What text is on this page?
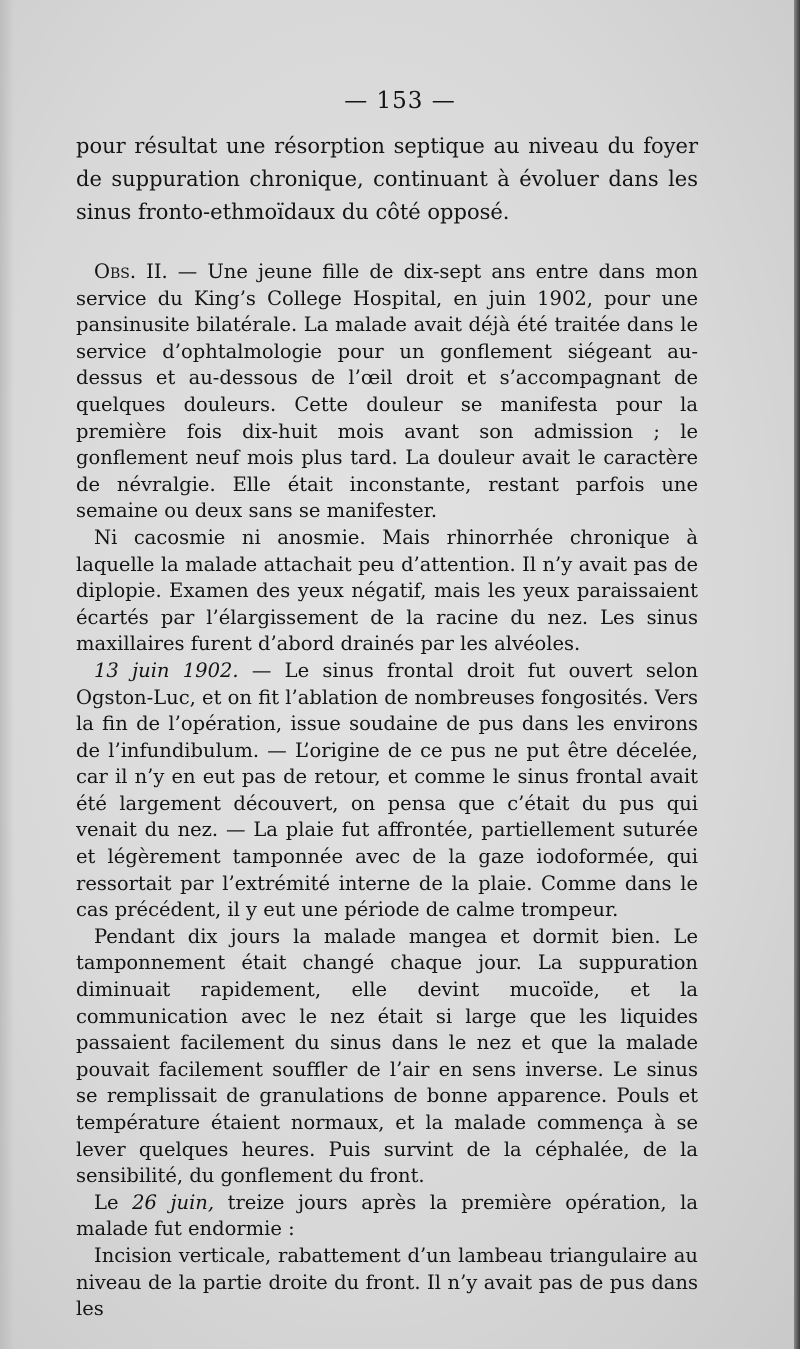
— 153 —

pour résultat une résorption septique au niveau du foyer de suppuration chronique, continuant à évoluer dans les sinus fronto-ethmoïdaux du côté opposé.

Obs. II. — Une jeune fille de dix-sept ans entre dans mon service du King’s College Hospital, en juin 1902, pour une pansinusite bilatérale. La malade avait déjà été traitée dans le service d’ophtalmologie pour un gonflement siégeant au-dessus et au-dessous de l’œil droit et s’accompagnant de quelques douleurs. Cette douleur se manifesta pour la première fois dix-huit mois avant son admission ; le gonflement neuf mois plus tard. La douleur avait le caractère de névralgie. Elle était inconstante, restant parfois une semaine ou deux sans se manifester.

Ni cacosmie ni anosmie. Mais rhinorrhée chronique à laquelle la malade attachait peu d’attention. Il n’y avait pas de diplopie. Examen des yeux négatif, mais les yeux paraissaient écartés par l’élargissement de la racine du nez. Les sinus maxillaires furent d’abord drainés par les alvéoles.

13 juin 1902. — Le sinus frontal droit fut ouvert selon Ogston-Luc, et on fit l’ablation de nombreuses fongosités. Vers la fin de l’opération, issue soudaine de pus dans les environs de l’infundibulum. — L’origine de ce pus ne put être décelée, car il n’y en eut pas de retour, et comme le sinus frontal avait été largement découvert, on pensa que c’était du pus qui venait du nez. — La plaie fut affrontée, partiellement suturée et légèrement tamponnée avec de la gaze iodoformée, qui ressortait par l’extrémité interne de la plaie. Comme dans le cas précédent, il y eut une période de calme trompeur.

Pendant dix jours la malade mangea et dormit bien. Le tamponnement était changé chaque jour. La suppuration diminuait rapidement, elle devint mucoïde, et la communication avec le nez était si large que les liquides passaient facilement du sinus dans le nez et que la malade pouvait facilement souffler de l’air en sens inverse. Le sinus se remplissait de granulations de bonne apparence. Pouls et température étaient normaux, et la malade commença à se lever quelques heures. Puis survint de la céphalée, de la sensibilité, du gonflement du front.

Le 26 juin, treize jours après la première opération, la malade fut endormie :

Incision verticale, rabattement d’un lambeau triangulaire au niveau de la partie droite du front. Il n’y avait pas de pus dans les
